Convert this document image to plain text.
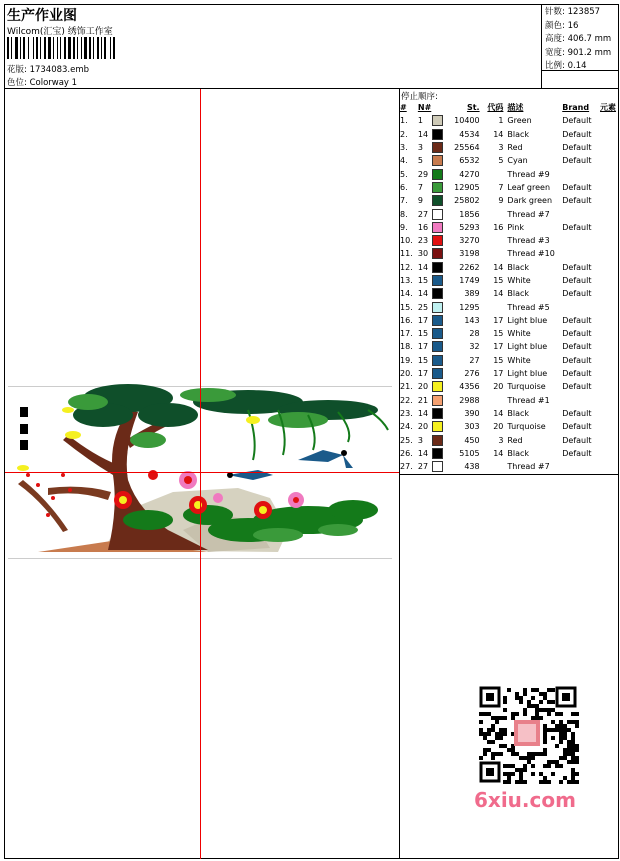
生产作业图
Wilcom(汇宝) 绣饰工作室
花版: 1734083.emb
色位: Colorway 1
针数: 123857
颜色: 16
高度: 406.7 mm
宽度: 901.2 mm
比例: 0.14
停止顺序:
#	N#		St.	代码	描述	Brand	元素
1.	1		10400	1	Green	Default	
2.	14		4534	14	Black	Default	
3.	3		25564	3	Red	Default	
4.	5		6532	5	Cyan	Default	
5.	29		4270		Thread #9		
6.	7		12905	7	Leaf green	Default	
7.	9		25802	9	Dark green	Default	
8.	27		1856		Thread #7		
9.	16		5293	16	Pink	Default	
10.	23		3270		Thread #3		
11.	30		3198		Thread #10		
12.	14		2262	14	Black	Default	
13.	15		1749	15	White	Default	
14.	14		389	14	Black	Default	
15.	25		1295		Thread #5		
16.	17		143	17	Light blue	Default	
17.	15		28	15	White	Default	
18.	17		32	17	Light blue	Default	
19.	15		27	15	White	Default	
20.	17		276	17	Light blue	Default	
21.	20		4356	20	Turquoise	Default	
22.	21		2988		Thread #1		
23.	14		390	14	Black	Default	
24.	20		303	20	Turquoise	Default	
25.	3		450	3	Red	Default	
26.	14		5105	14	Black	Default	
27.	27		438		Thread #7		
6xiu.com
